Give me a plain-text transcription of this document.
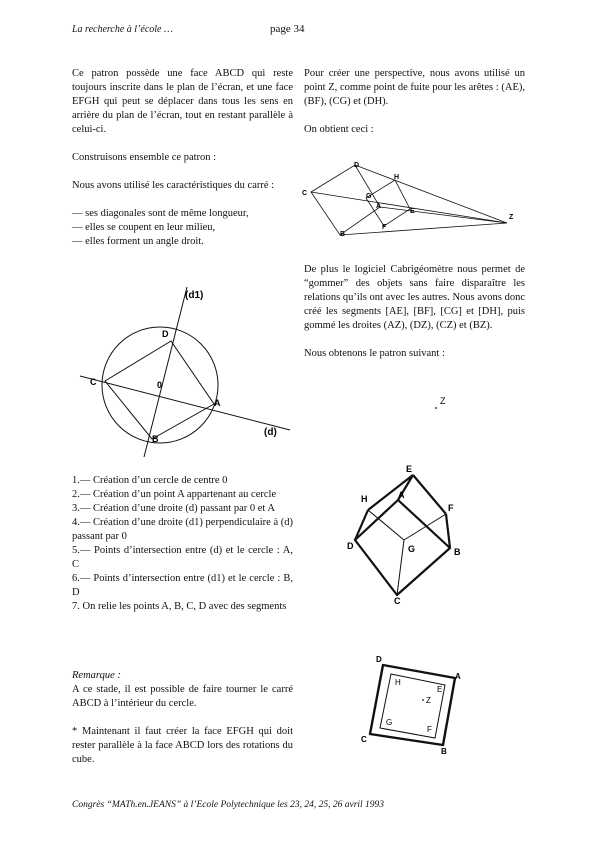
La recherche à l’école …	page 34

Ce patron possède une face ABCD qui reste toujours inscrite dans le plan de l’écran, et une face EFGH qui peut se déplacer dans tous les sens en arrière du plan de l’écran, tout en restant parallèle à celui-ci.

Construisons ensemble ce patron :

Nous avons utilisé les caractéristiques du carré :

— ses diagonales sont de même longueur,
— elles se coupent en leur milieu,
— elles forment un angle droit.
(d1)
(d)
D
C	0
A
B

1.— Création d’un cercle de centre 0

2.— Création d’un point A appartenant au cercle

3.— Création d’une droite (d) passant par 0 et A

4.— Création d’une droite (d1) perpendiculaire à (d) passant par 0

5.— Points d’intersection entre (d) et le cercle : A, C

6.— Points d’intersection entre (d1) et le cercle : B, D

7. On relie les points A, B, C, D avec des segments

Remarque :

A ce stade, il est possible de faire tourner le carré ABCD à l’intérieur du cercle.

* Maintenant il faut créer la face EFGH qui doit rester parallèle à la face ABCD lors des rotations du cube.

Pour créer une perspective, nous avons utilisé un point Z, comme point de fuite pour les arêtes : (AE), (BF), (CG) et (DH).

On obtient ceci :

C
D
H
G
A
E
B
F
Z

De plus le logiciel Cabrigéomètre nous permet de “gommer” des objets sans faire disparaître les relations qu’ils ont avec les autres. Nous avons donc créé les segments [AE], [BF], [CG] et [DH], puis gommé les droites (AZ), (DZ), (CZ) et (BZ).

Nous obtenons le patron suivant :

Z
E
H	A
F
D	G	B
C
D
A
H
E
Z
G
F
C
B
Congrès “MATh.en.JEANS” à l’Ecole Polytechnique les 23, 24, 25, 26 avril 1993
